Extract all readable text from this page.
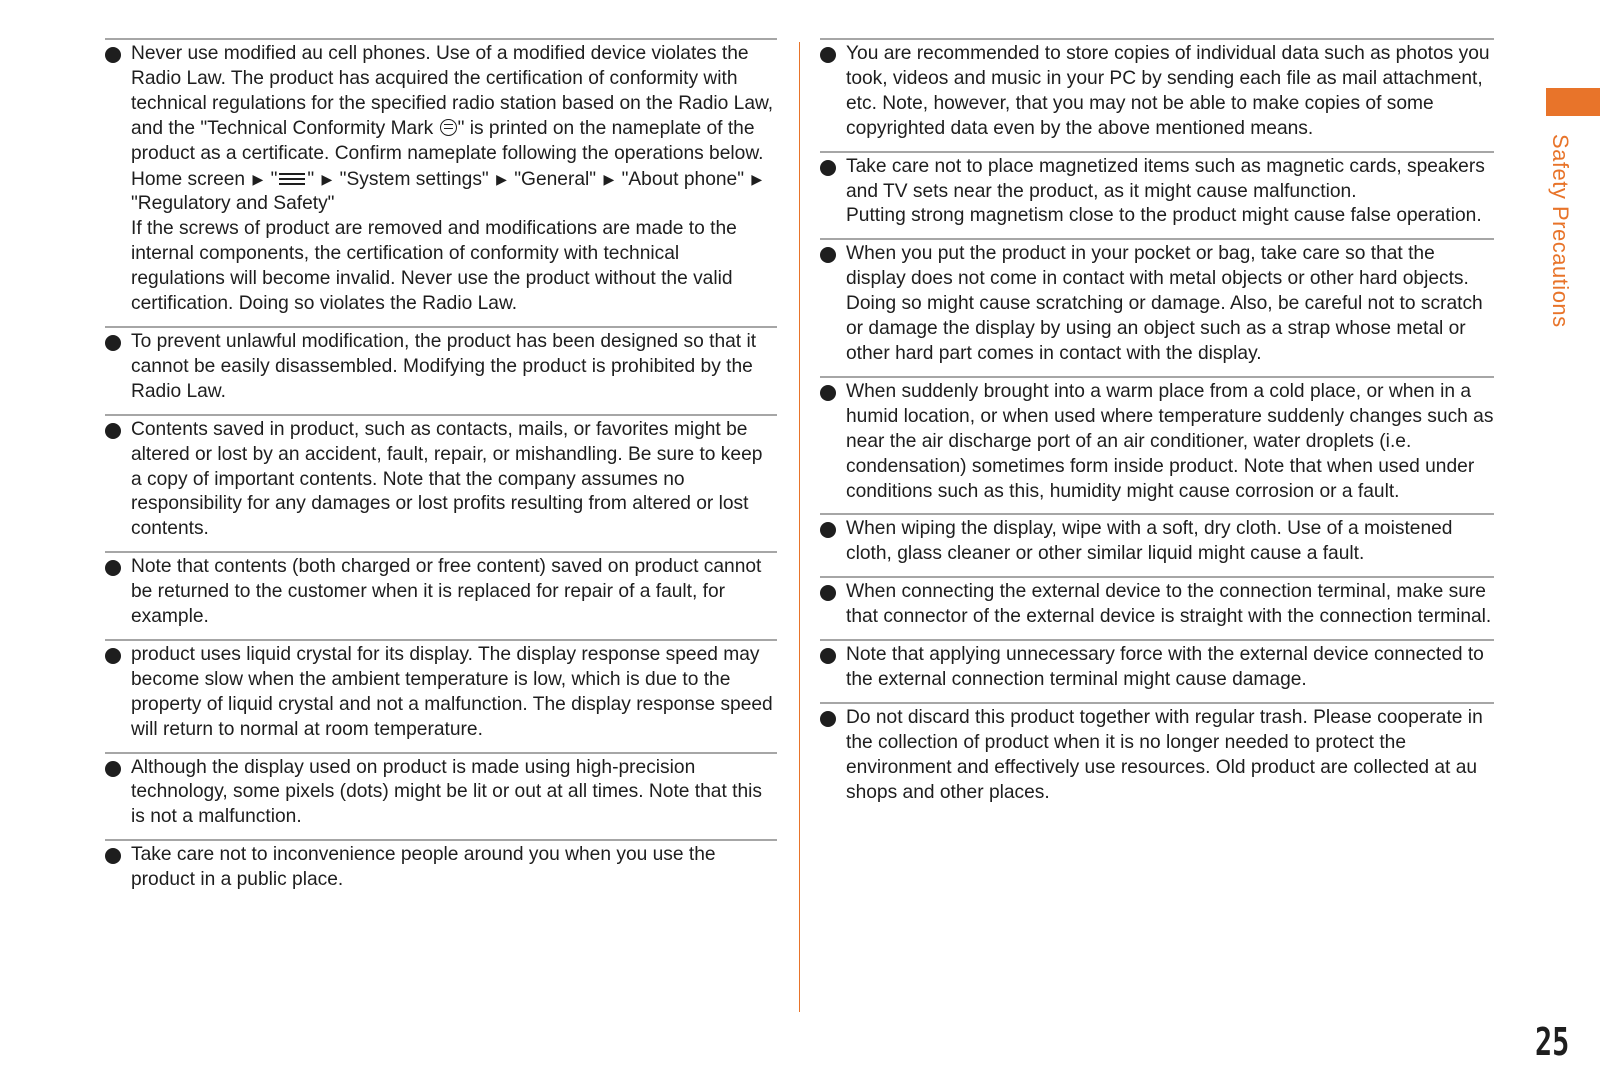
Never use modified au cell phones. Use of a modified device violates the Radio Law. The product has acquired the certification of conformity with technical regulations for the specified radio station based on the Radio Law, and the "Technical Conformity Mark " is printed on the nameplate of the product as a certificate. Confirm nameplate following the operations below.
Home screen ▶ " " ▶ "System settings" ▶ "General" ▶ "About phone" ▶ "Regulatory and Safety"
If the screws of product are removed and modifications are made to the internal components, the certification of conformity with technical regulations will become invalid. Never use the product without the valid certification. Doing so violates the Radio Law.
To prevent unlawful modification, the product has been designed so that it cannot be easily disassembled. Modifying the product is prohibited by the Radio Law.
Contents saved in product, such as contacts, mails, or favorites might be altered or lost by an accident, fault, repair, or mishandling. Be sure to keep a copy of important contents. Note that the company assumes no responsibility for any damages or lost profits resulting from altered or lost contents.
Note that contents (both charged or free content) saved on product cannot be returned to the customer when it is replaced for repair of a fault, for example.
product uses liquid crystal for its display. The display response speed may become slow when the ambient temperature is low, which is due to the property of liquid crystal and not a malfunction. The display response speed will return to normal at room temperature.
Although the display used on product is made using high-precision technology, some pixels (dots) might be lit or out at all times. Note that this is not a malfunction.
Take care not to inconvenience people around you when you use the product in a public place.
You are recommended to store copies of individual data such as photos you took, videos and music in your PC by sending each file as mail attachment, etc. Note, however, that you may not be able to make copies of some copyrighted data even by the above mentioned means.
Take care not to place magnetized items such as magnetic cards, speakers and TV sets near the product, as it might cause malfunction.
Putting strong magnetism close to the product might cause false operation.
When you put the product in your pocket or bag, take care so that the display does not come in contact with metal objects or other hard objects. Doing so might cause scratching or damage. Also, be careful not to scratch or damage the display by using an object such as a strap whose metal or other hard part comes in contact with the display.
When suddenly brought into a warm place from a cold place, or when in a humid location, or when used where temperature suddenly changes such as near the air discharge port of an air conditioner, water droplets (i.e. condensation) sometimes form inside product. Note that when used under conditions such as this, humidity might cause corrosion or a fault.
When wiping the display, wipe with a soft, dry cloth. Use of a moistened cloth, glass cleaner or other similar liquid might cause a fault.
When connecting the external device to the connection terminal, make sure that connector of the external device is straight with the connection terminal.
Note that applying unnecessary force with the external device connected to the external connection terminal might cause damage.
Do not discard this product together with regular trash. Please cooperate in the collection of product when it is no longer needed to protect the environment and effectively use resources. Old product are collected at au shops and other places.
Safety Precautions
25
